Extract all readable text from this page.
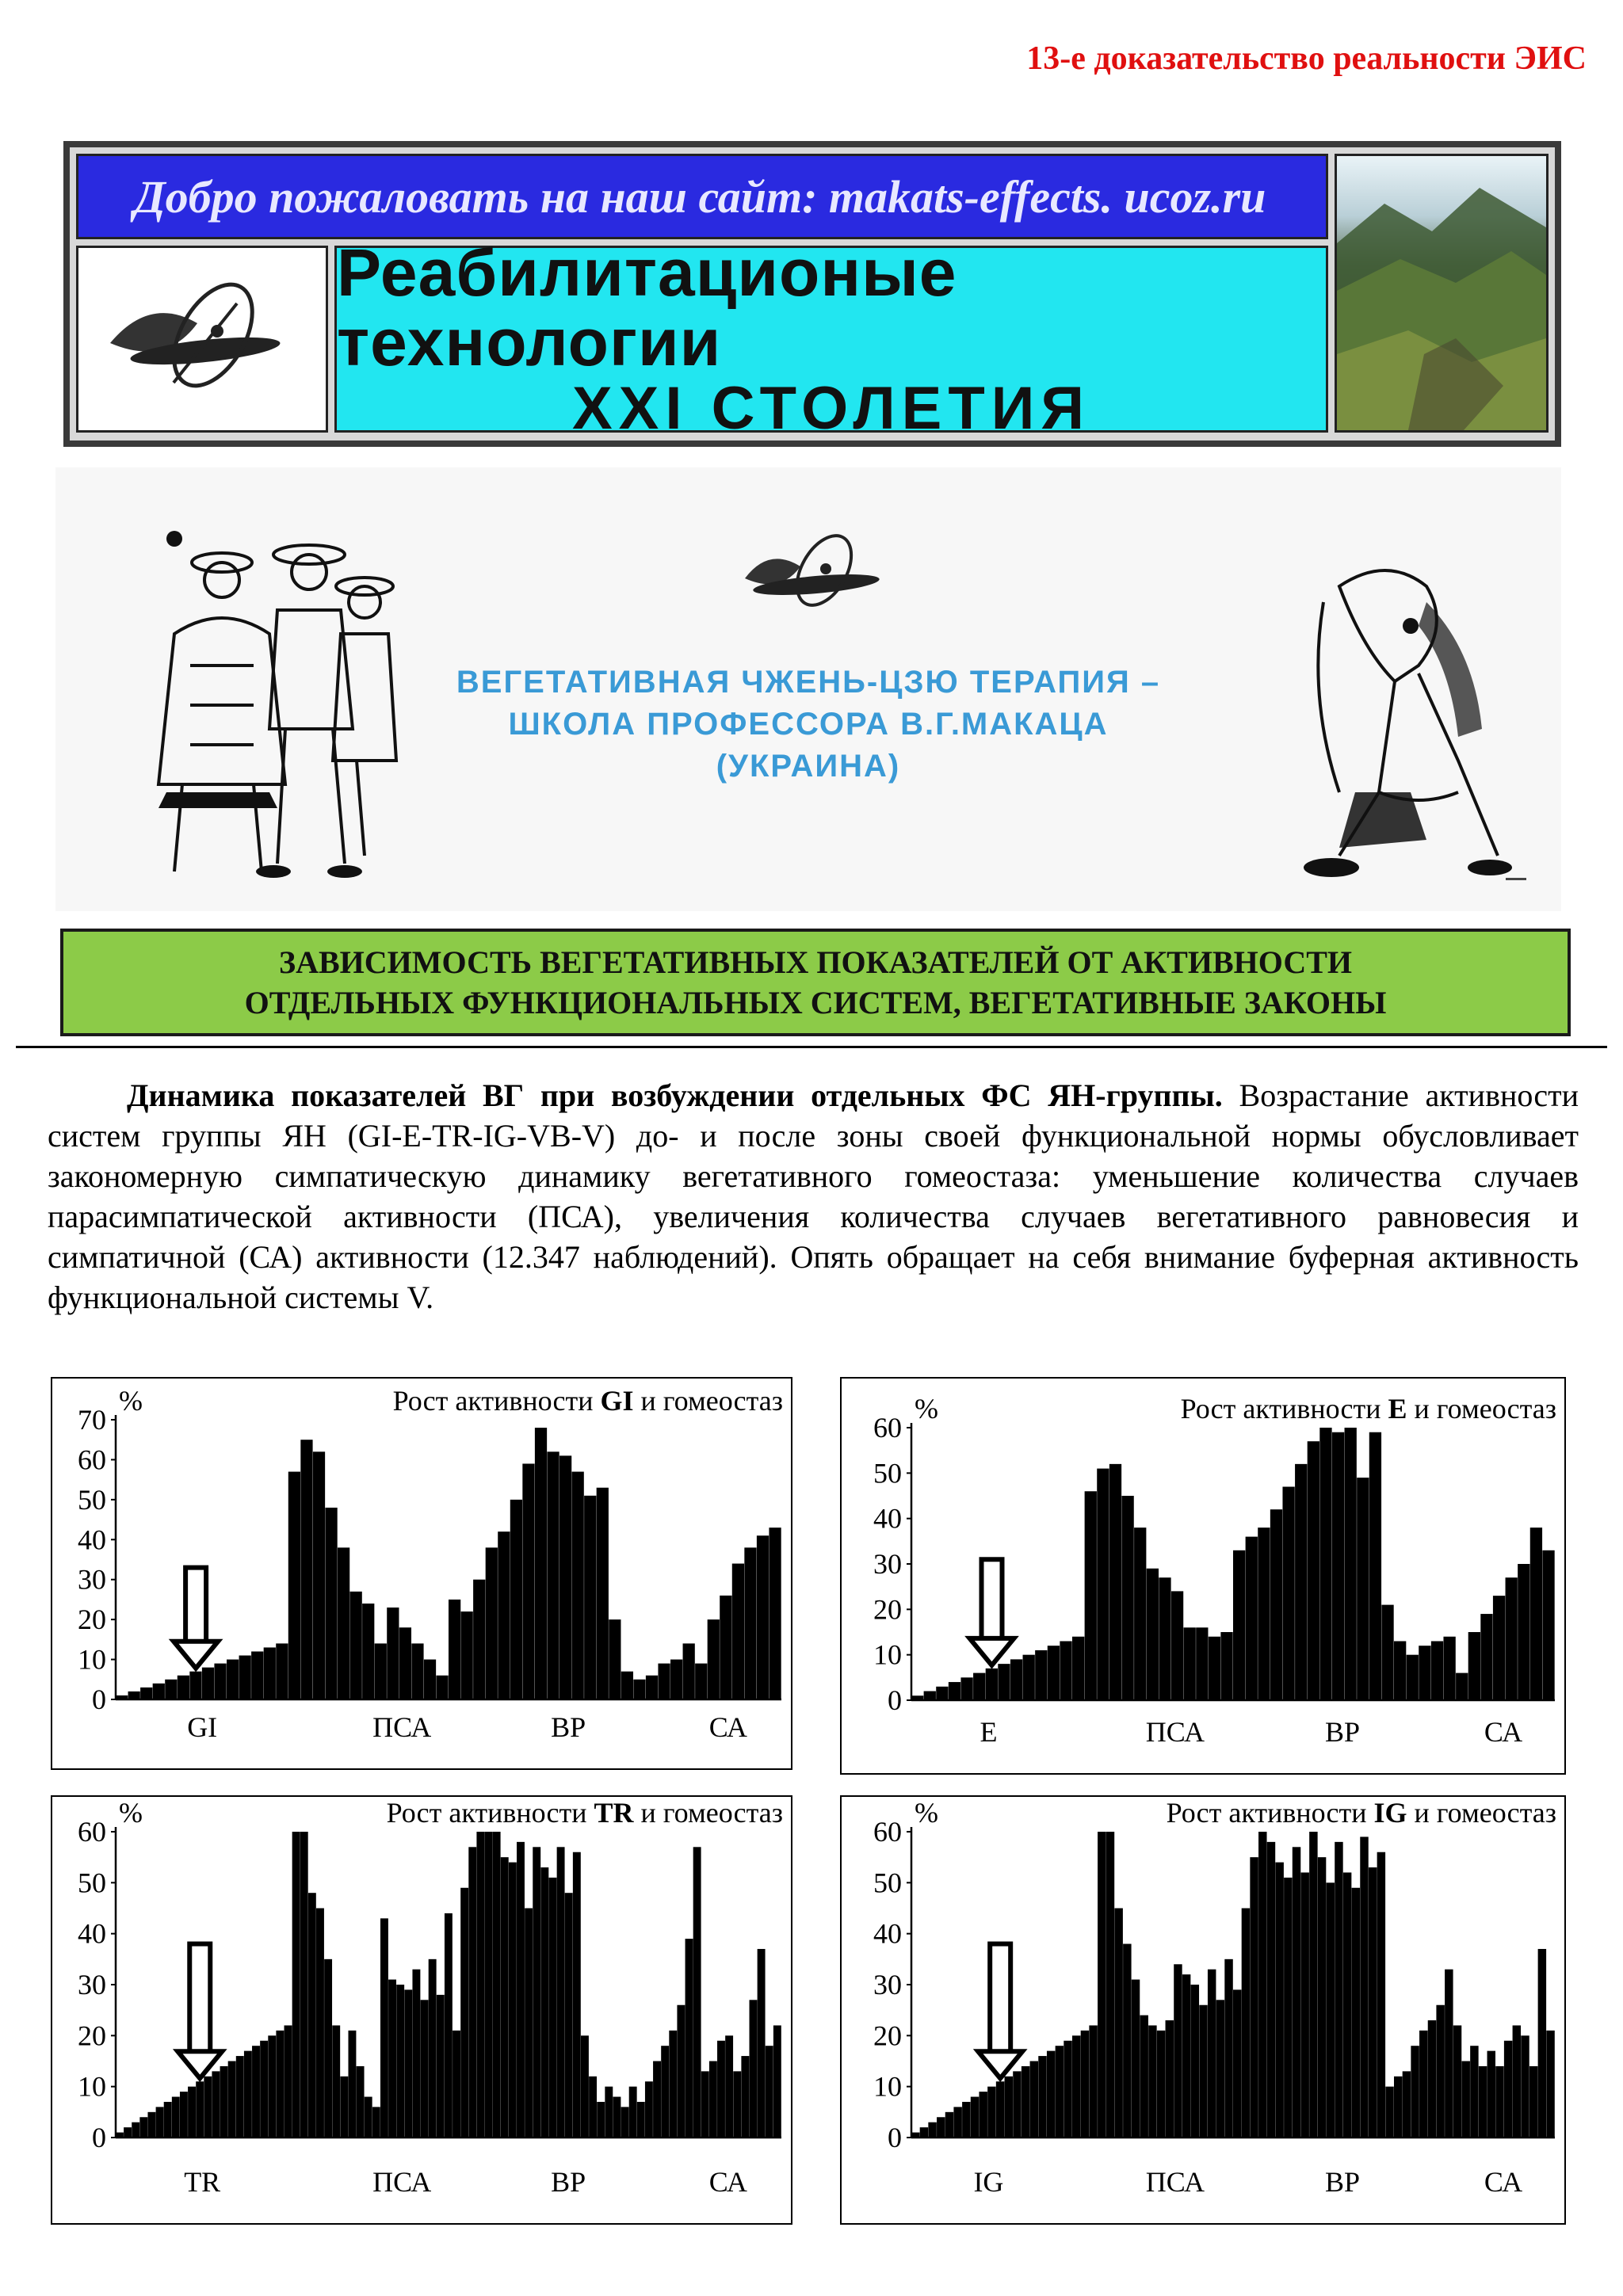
13-е доказательство реальности ЭИС
Добро пожаловать на наш сайт: makats-effects. ucoz.ru
Реабилитационые технологии
XXI СТОЛЕТИЯ
ВЕГЕТАТИВНАЯ ЧЖЕНЬ-ЦЗЮ ТЕРАПИЯ –
ШКОЛА ПРОФЕССОРА В.Г.МАКАЦА
(УКРАИНА)
ЗАВИСИМОСТЬ ВЕГЕТАТИВНЫХ ПОКАЗАТЕЛЕЙ ОТ АКТИВНОСТИ
ОТДЕЛЬНЫХ ФУНКЦИОНАЛЬНЫХ СИСТЕМ, ВЕГЕТАТИВНЫЕ ЗАКОНЫ
Динамика показателей ВГ при возбуждении отдельных ФС ЯН-группы. Возрастание активности систем группы ЯН (GI-E-TR-IG-VB-V) до- и после зоны своей функциональной нормы обусловливает закономерную симпатическую динамику вегетативного гомеостаза: уменьшение количества случаев парасимпатической активности (ПСА), увеличения количества случаев вегетативного равновесия и симпатичной (СА) активности (12.347 наблюдений). Опять обращает на себя внимание буферная активность функциональной системы V.
0
10
20
30
40
50
60
70
%	Рост активности GI и гомеостаз
GI	ПСА	ВР	СА
0
10
20
30
40
50
60
%	Рост активности E и гомеостаз
E	ПСА	ВР	СА
0
10
20
30
40
50
60
%	Рост активности TR и гомеостаз
TR	ПСА	ВР	СА
0
10
20
30
40
50
60
%	Рост активности IG и гомеостаз
IG	ПСА	ВР	СА
